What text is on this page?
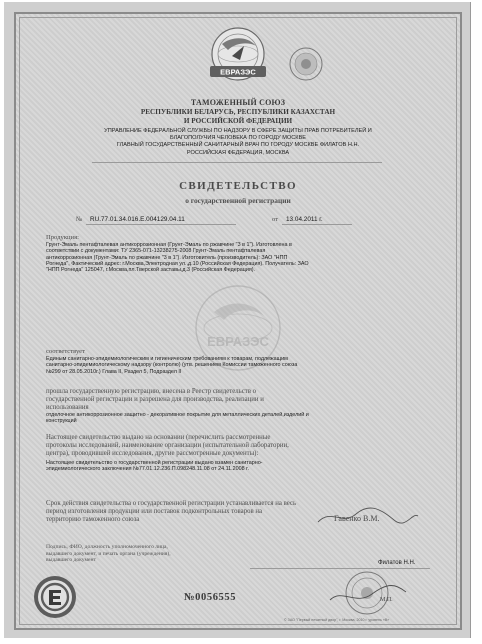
ЕВРАЗЭС
ТАМОЖЕННЫЙ СОЮЗ
РЕСПУБЛИКИ БЕЛАРУСЬ, РЕСПУБЛИКИ КАЗАХСТАН
И РОССИЙСКОЙ ФЕДЕРАЦИИ
УПРАВЛЕНИЕ ФЕДЕРАЛЬНОЙ СЛУЖБЫ ПО НАДЗОРУ В СФЕРЕ ЗАЩИТЫ ПРАВ ПОТРЕБИТЕЛЕЙ И
БЛАГОПОЛУЧИЯ ЧЕЛОВЕКА ПО ГОРОДУ МОСКВЕ
ГЛАВНЫЙ ГОСУДАРСТВЕННЫЙ САНИТАРНЫЙ ВРАЧ ПО ГОРОДУ МОСКВЕ ФИЛАТОВ Н.Н.
РОССИЙСКАЯ ФЕДЕРАЦИЯ, МОСКВА
СВИДЕТЕЛЬСТВО
о государственной регистрации
№ RU.77.01.34.016.Е.004129.04.11	от 13.04.2011 г.
Продукция:
Грунт-Эмаль пентафталевая антикоррозионная (Грунт-Эмаль по ржавчине "3 в 1"). Изготовлена в
соответствии с документами: ТУ 2365-071-13238275-2008 Грунт-Эмаль пентафталевая
антикоррозионная (Грунт-Эмаль по ржавчине "3 в 1"). Изготовитель (производитель): ЗАО "НПП
Рогнеда", Фактический адрес: г.Москва,Электродная ул.,д.10 (Российская Федерация). Получатель: ЗАО
"НПП Рогнеда" 125047, г.Москва,пл.Тверской заставы,д.3 (Российская Федерация).
ЕВРАЗЭС
соответствует
Единым санитарно-эпидемиологическим и гигиеническим требованиям к товарам, подлежащим
санитарно-эпидемиологическому надзору (контролю) (утв. решением Комиссии таможенного союза
№299 от 28.05.2010г.) Глава II, Раздел 5, Подраздел II
прошла государственную регистрацию, внесена в Реестр свидетельств о
государственной регистрации и разрешена для производства, реализации и
использования
отделочное антикоррозионное защитно - декоративное покрытие для металлических деталей,изделий и
конструкций
Настоящее свидетельство выдано на основании (перечислить рассмотренные
протоколы исследований, наименование организации (испытательной лаборатории,
центра), проводившей исследования, другие рассмотренные документы):
Настоящее свидетельство о государственной регистрации выдано взамен санитарно-
эпидемиологического заключения №77.01.12.236.П.098248.11.08 от 24.11.2008 г.
Срок действия свидетельства о государственной регистрации устанавливается на весь
период изготовления продукции или поставок подконтрольных товаров на
территорию таможенного союза	Гавенко В.М.
Подпись, ФИО, должность уполномоченного лица,
выдавшего документ, и печать органа (учреждения),
выдавшего документ	Филатов Н.Н.
М.П.
№0056555
© ЗАО "Первый печатный двор", г. Москва, 2010 г. уровень «В»
